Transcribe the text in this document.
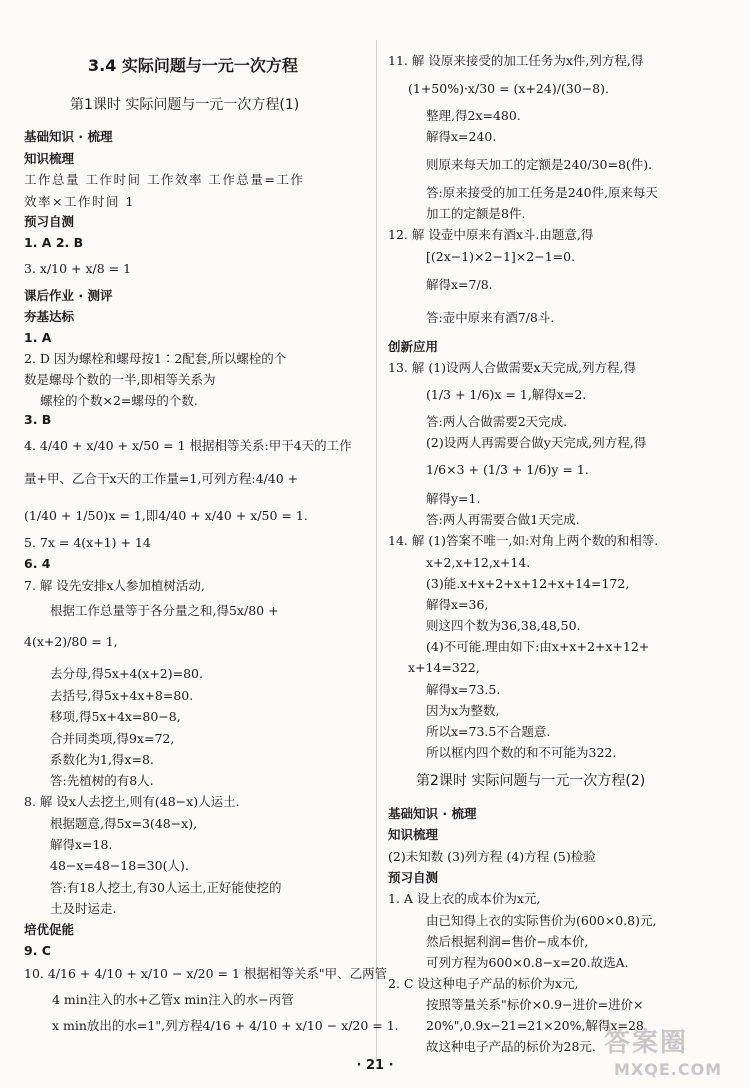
3.4 实际问题与一元一次方程
第1课时 实际问题与一元一次方程(1)
基础知识 · 梳理
知识梳理
工作总量 工作时间 工作效率 工作总量=工作
效率×工作时间 1
预习自测
1. A 2. B
3. x/10 + x/8 = 1
课后作业 · 测评
夯基达标
1. A
2. D 因为螺栓和螺母按1∶2配套,所以螺栓的个
数是螺母个数的一半,即相等关系为
螺栓的个数×2=螺母的个数.
3. B
4. 4/40 + x/40 + x/50 = 1 根据相等关系:甲干4天的工作
量+甲、乙合干x天的工作量=1,可列方程:4/40 +
(1/40 + 1/50)x = 1,即4/40 + x/40 + x/50 = 1.
5. 7x = 4(x+1) + 14
6. 4
7. 解 设先安排x人参加植树活动,
根据工作总量等于各分量之和,得5x/80 +
4(x+2)/80 = 1,
去分母,得5x+4(x+2)=80.
去括号,得5x+4x+8=80.
移项,得5x+4x=80−8,
合并同类项,得9x=72,
系数化为1,得x=8.
答:先植树的有8人.
8. 解 设x人去挖土,则有(48−x)人运土.
根据题意,得5x=3(48−x),
解得x=18.
48−x=48−18=30(人).
答:有18人挖土,有30人运土,正好能使挖的
土及时运走.
培优促能
9. C
10. 4/16 + 4/10 + x/10 − x/20 = 1 根据相等关系"甲、乙两管
4 min注入的水+乙管x min注入的水−丙管
x min放出的水=1",列方程4/16 + 4/10 + x/10 − x/20 = 1.
11. 解 设原来接受的加工任务为x件,列方程,得
(1+50%)·x/30 = (x+24)/(30−8).
整理,得2x=480.
解得x=240.
则原来每天加工的定额是240/30=8(件).
答:原来接受的加工任务是240件,原来每天
加工的定额是8件.
12. 解 设壶中原来有酒x斗.由题意,得
[(2x−1)×2−1]×2−1=0.
解得x=7/8.
答:壶中原来有酒7/8斗.
创新应用
13. 解 (1)设两人合做需要x天完成,列方程,得
(1/3 + 1/6)x = 1,解得x=2.
答:两人合做需要2天完成.
(2)设两人再需要合做y天完成,列方程,得
1/6×3 + (1/3 + 1/6)y = 1.
解得y=1.
答:两人再需要合做1天完成.
14. 解 (1)答案不唯一,如:对角上两个数的和相等.
x+2,x+12,x+14.
(3)能.x+x+2+x+12+x+14=172,
解得x=36,
则这四个数为36,38,48,50.
(4)不可能.理由如下:由x+x+2+x+12+
x+14=322,
解得x=73.5.
因为x为整数,
所以x=73.5不合题意.
所以框内四个数的和不可能为322.
第2课时 实际问题与一元一次方程(2)
基础知识 · 梳理
知识梳理
(2)未知数 (3)列方程 (4)方程 (5)检验
预习自测
1. A 设上衣的成本价为x元,
由已知得上衣的实际售价为(600×0.8)元,
然后根据利润=售价−成本价,
可列方程为600×0.8−x=20.故选A.
2. C 设这种电子产品的标价为x元,
按照等量关系"标价×0.9−进价=进价×
20%",0.9x−21=21×20%,解得x=28.
故这种电子产品的标价为28元.
· 21 ·
答案圈
MXQE.COM
